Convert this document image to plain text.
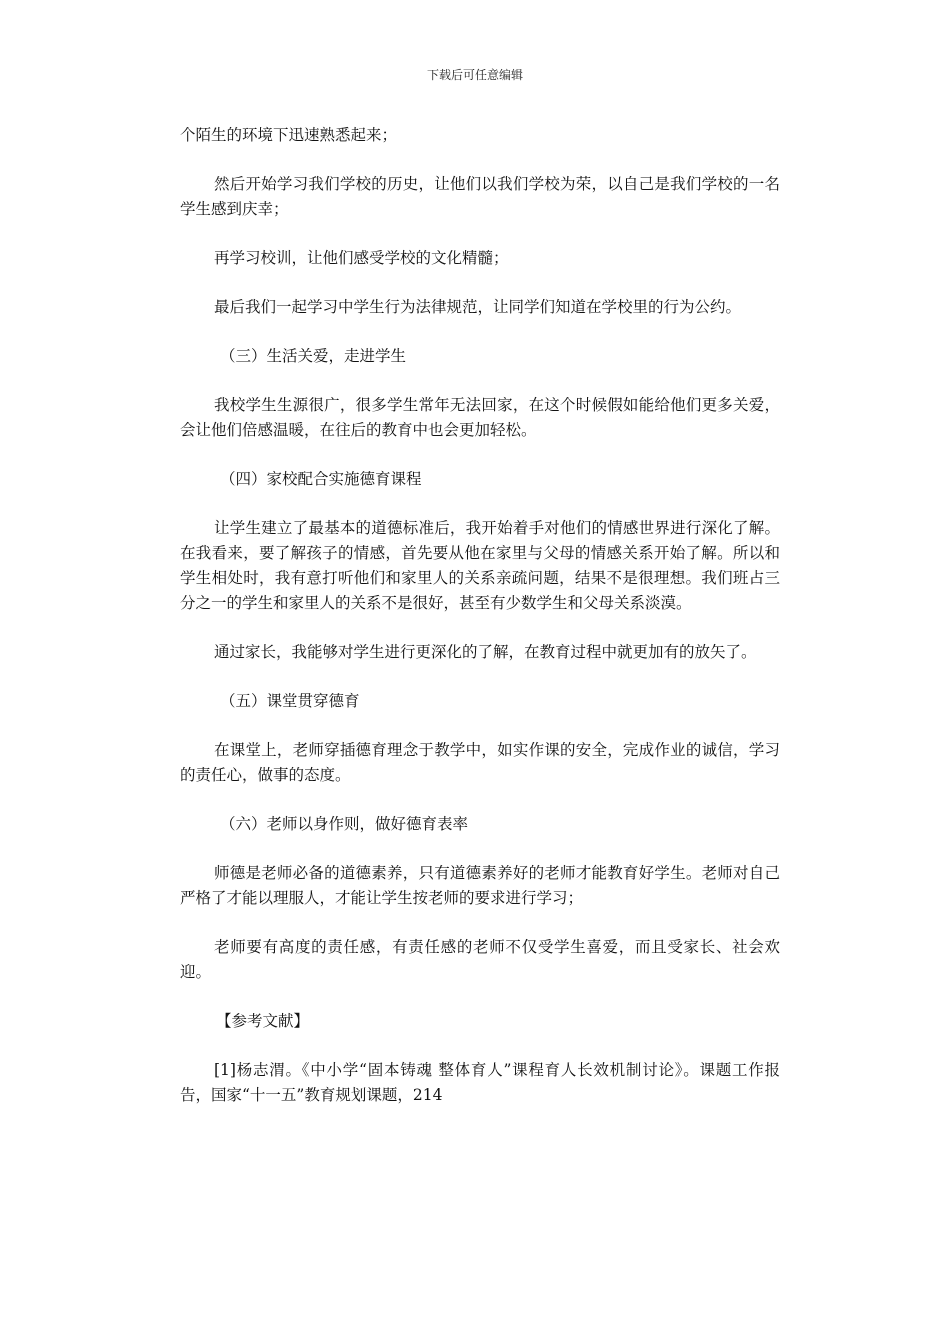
下载后可任意编辑

个陌生的环境下迅速熟悉起来；

然后开始学习我们学校的历史，让他们以我们学校为荣，以自己是我们学校的一名学生感到庆幸；

再学习校训，让他们感受学校的文化精髓；

最后我们一起学习中学生行为法律规范，让同学们知道在学校里的行为公约。

（三）生活关爱，走进学生

我校学生生源很广，很多学生常年无法回家，在这个时候假如能给他们更多关爱，会让他们倍感温暖，在往后的教育中也会更加轻松。

（四）家校配合实施德育课程

让学生建立了最基本的道德标准后，我开始着手对他们的情感世界进行深化了解。在我看来，要了解孩子的情感，首先要从他在家里与父母的情感关系开始了解。所以和学生相处时，我有意打听他们和家里人的关系亲疏问题，结果不是很理想。我们班占三分之一的学生和家里人的关系不是很好，甚至有少数学生和父母关系淡漠。

通过家长，我能够对学生进行更深化的了解，在教育过程中就更加有的放矢了。

（五）课堂贯穿德育

在课堂上，老师穿插德育理念于教学中，如实作课的安全，完成作业的诚信，学习的责任心，做事的态度。

（六）老师以身作则，做好德育表率

师德是老师必备的道德素养，只有道德素养好的老师才能教育好学生。老师对自己严格了才能以理服人，才能让学生按老师的要求进行学习；

老师要有高度的责任感，有责任感的老师不仅受学生喜爱，而且受家长、社会欢迎。

【参考文献】

[1]杨志渭。《中小学“固本铸魂 整体育人”课程育人长效机制讨论》。课题工作报告，国家“十一五”教育规划课题，214
